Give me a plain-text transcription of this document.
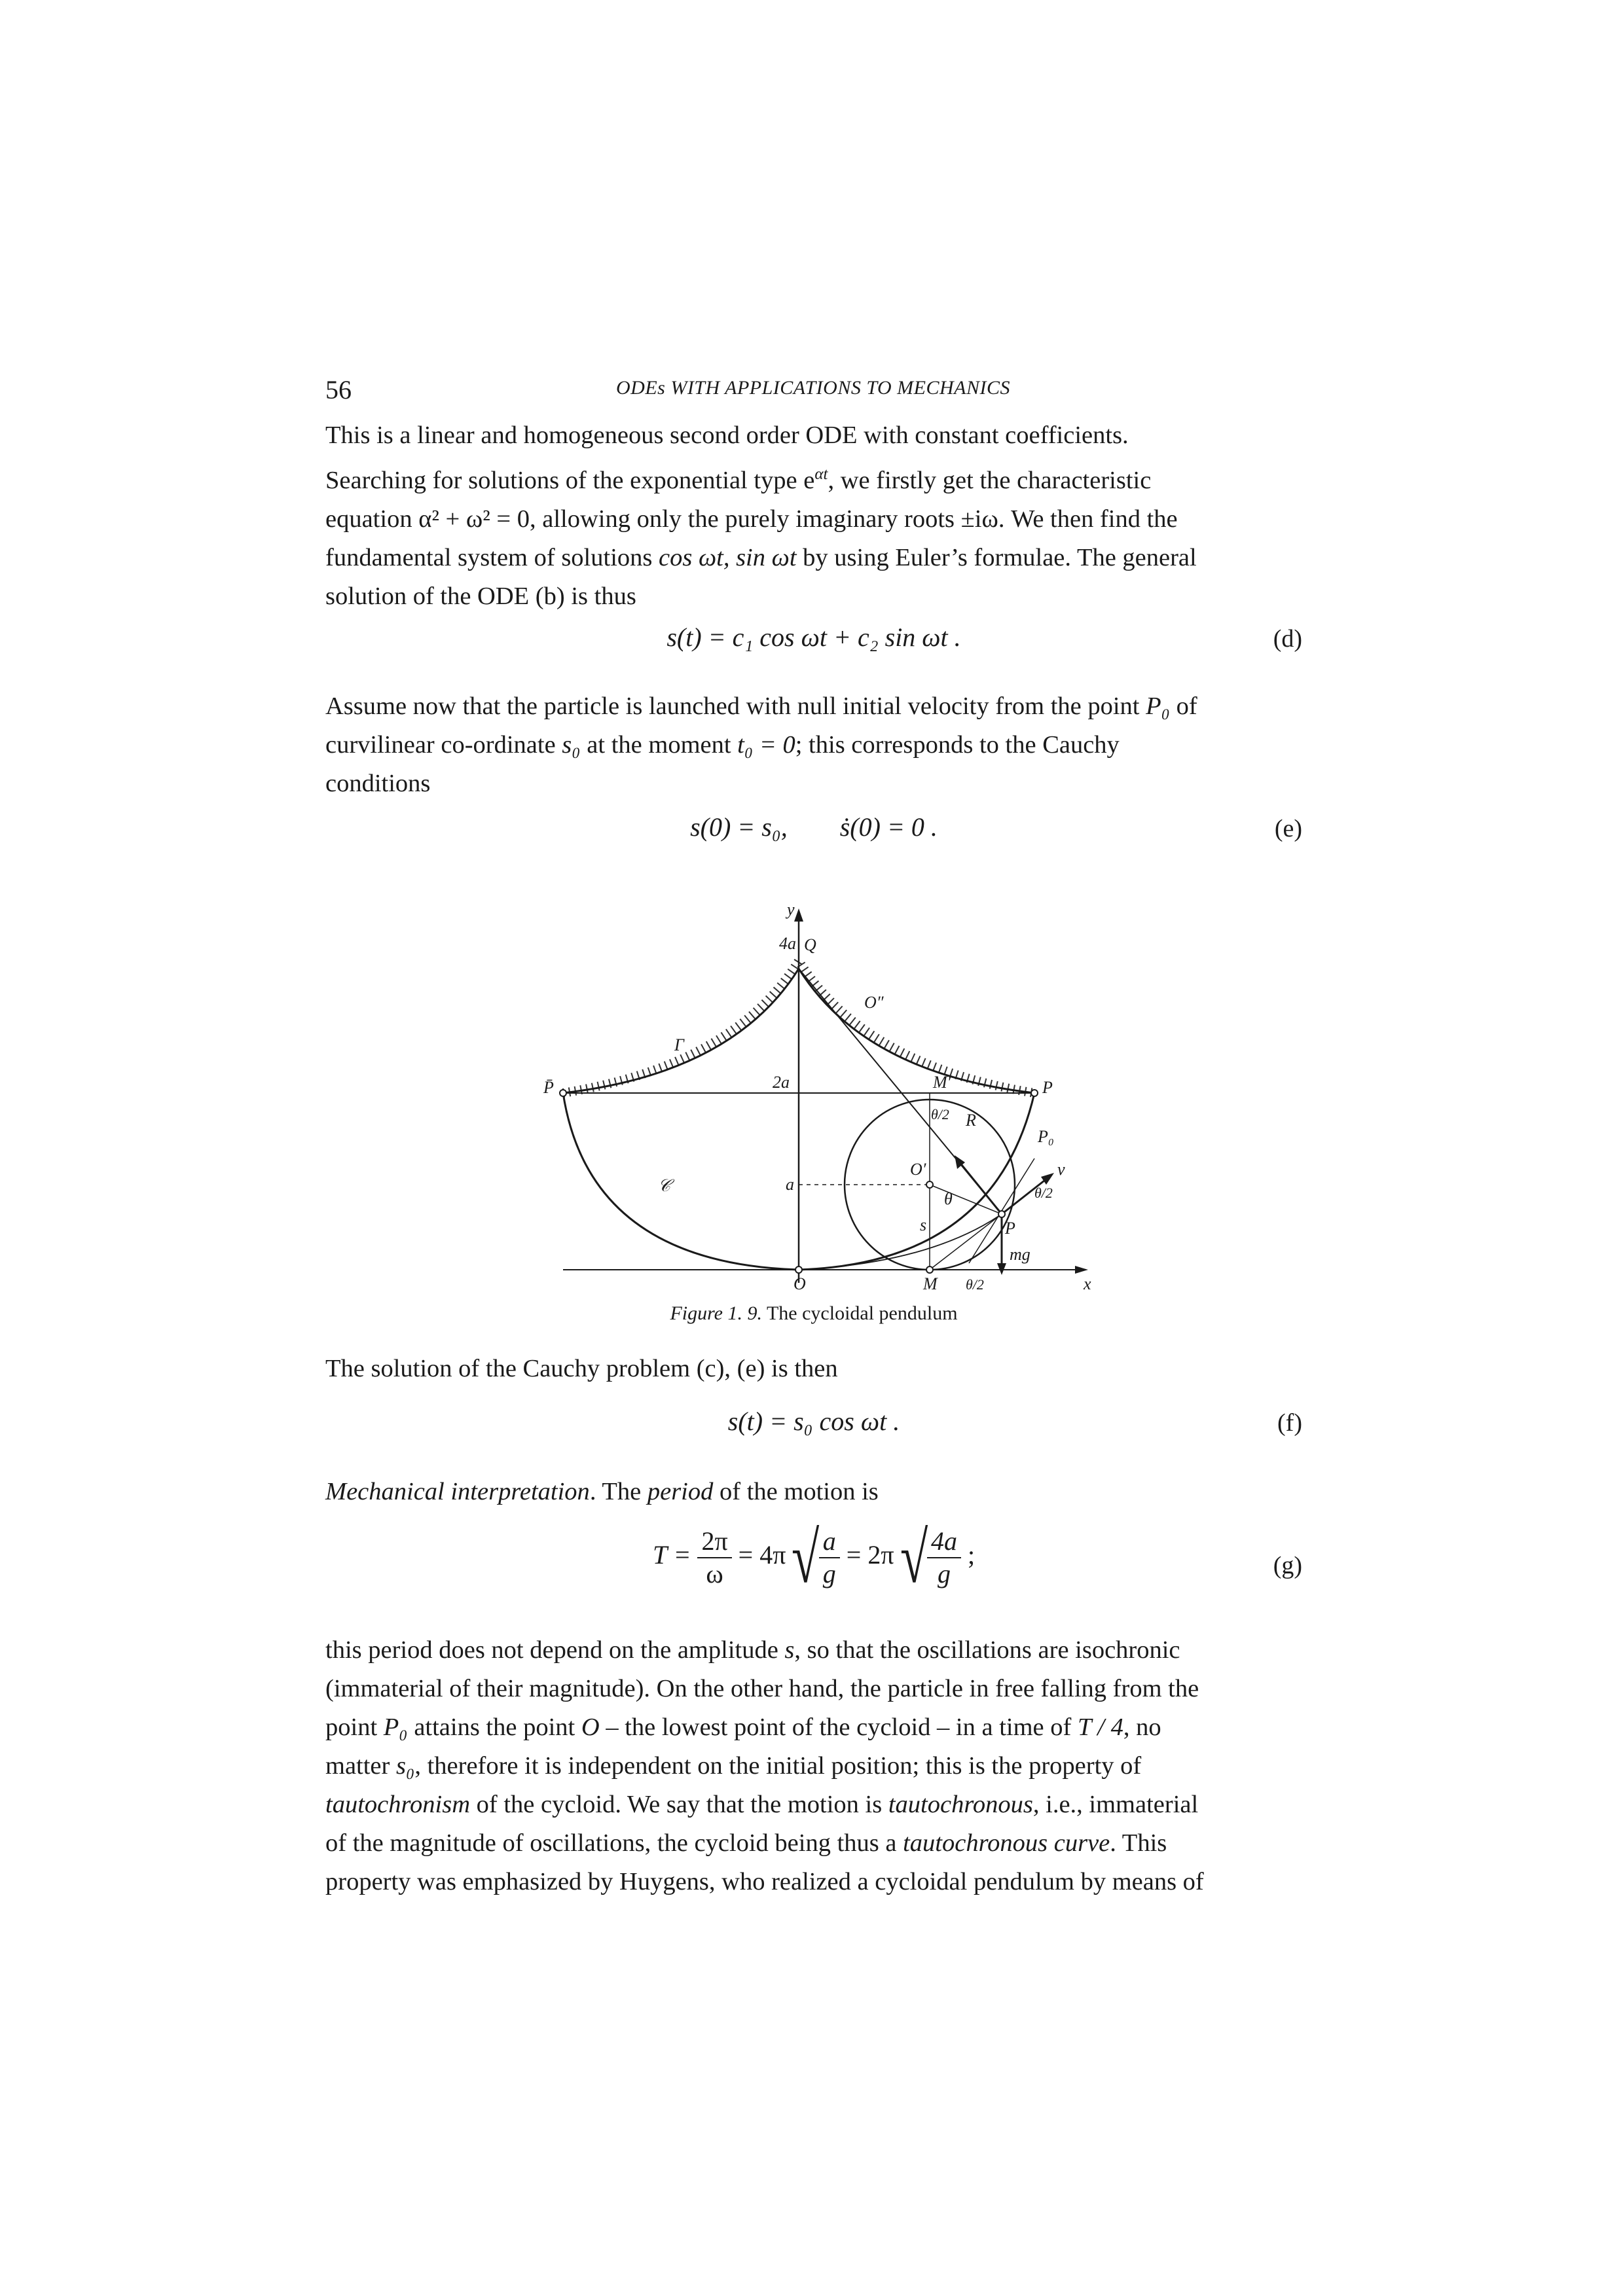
56	ODEs WITH APPLICATIONS TO MECHANICS

This is a linear and homogeneous second order ODE with constant coefficients.

Searching for solutions of the exponential type $e^{\alpha t}$, we firstly get the characteristic

equation α² + ω² = 0, allowing only the purely imaginary roots ±iω. We then find the

fundamental system of solutions cos ωt, sin ωt by using Euler’s formulae. The general

solution of the ODE (b) is thus

s(t) = c₁ cos ωt + c₂ sin ωt .	(d)

Assume now that the particle is launched with null initial velocity from the point P₀ of

curvilinear co-ordinate s₀ at the moment t₀ = 0; this corresponds to the Cauchy

conditions

s(0) = s₀,        ṡ(0) = 0 .	(e)
y
4a Q
O″
Γ
P̄	P
2a	M′
θ/2 R
P₀
O′
a
v
θ/2
𝒞
θ
s	P
mg
O	M θ/2	x
Figure 1. 9. The cycloidal pendulum

The solution of the Cauchy problem (c), (e) is then

s(t) = s₀ cos ωt .	(f)

Mechanical interpretation. The period of the motion is

$T = \frac{2\pi}{\omega} = 4\pi√ \frac{a}{g} = 2\pi√ \frac{4a}{g}$ ;	(g)

this period does not depend on the amplitude s, so that the oscillations are isochronic

(immaterial of their magnitude). On the other hand, the particle in free falling from the

point P₀ attains the point O – the lowest point of the cycloid – in a time of T / 4, no

matter s₀, therefore it is independent on the initial position; this is the property of

tautochronism of the cycloid. We say that the motion is tautochronous, i.e., immaterial

of the magnitude of oscillations, the cycloid being thus a tautochronous curve. This

property was emphasized by Huygens, who realized a cycloidal pendulum by means of
